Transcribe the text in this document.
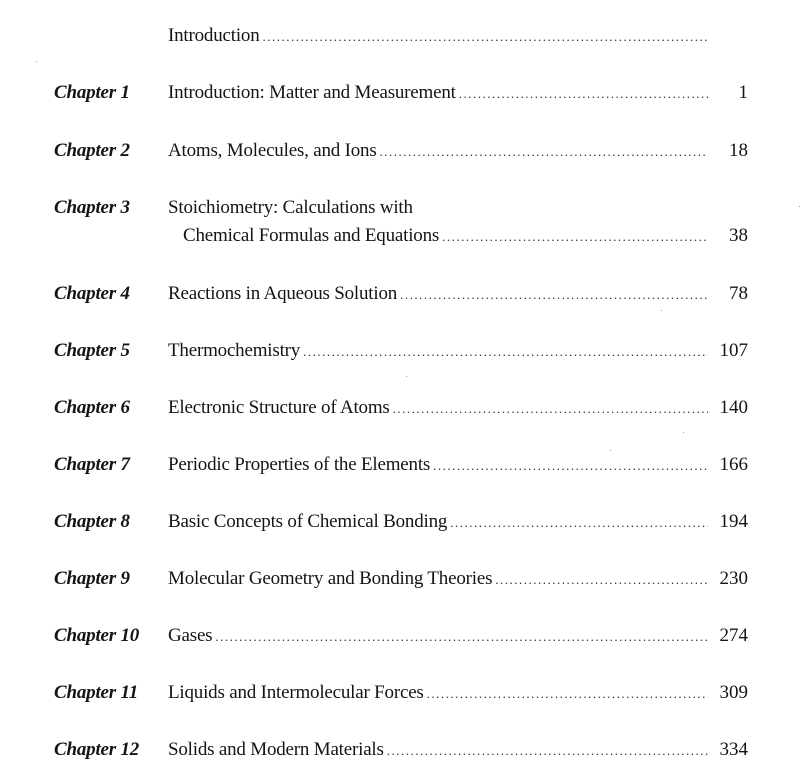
Introduction
.....
Chapter 1 Introduction: Matter and Measurement .....	1
Chapter 2 Atoms, Molecules, and Ions .....	18
Chapter 3 Stoichiometry: Calculations with
Chemical Formulas and Equations .....	38
Chapter 4 Reactions in Aqueous Solution .....	78
Chapter 5 Thermochemistry .....	107
Chapter 6 Electronic Structure of Atoms .....	140
Chapter 7 Periodic Properties of the Elements .....	166
Chapter 8 Basic Concepts of Chemical Bonding .....	194
Chapter 9 Molecular Geometry and Bonding Theories .....	230
Chapter 10 Gases .....	274
Chapter 11 Liquids and Intermolecular Forces .....	309
Chapter 12 Solids and Modern Materials .....	334
